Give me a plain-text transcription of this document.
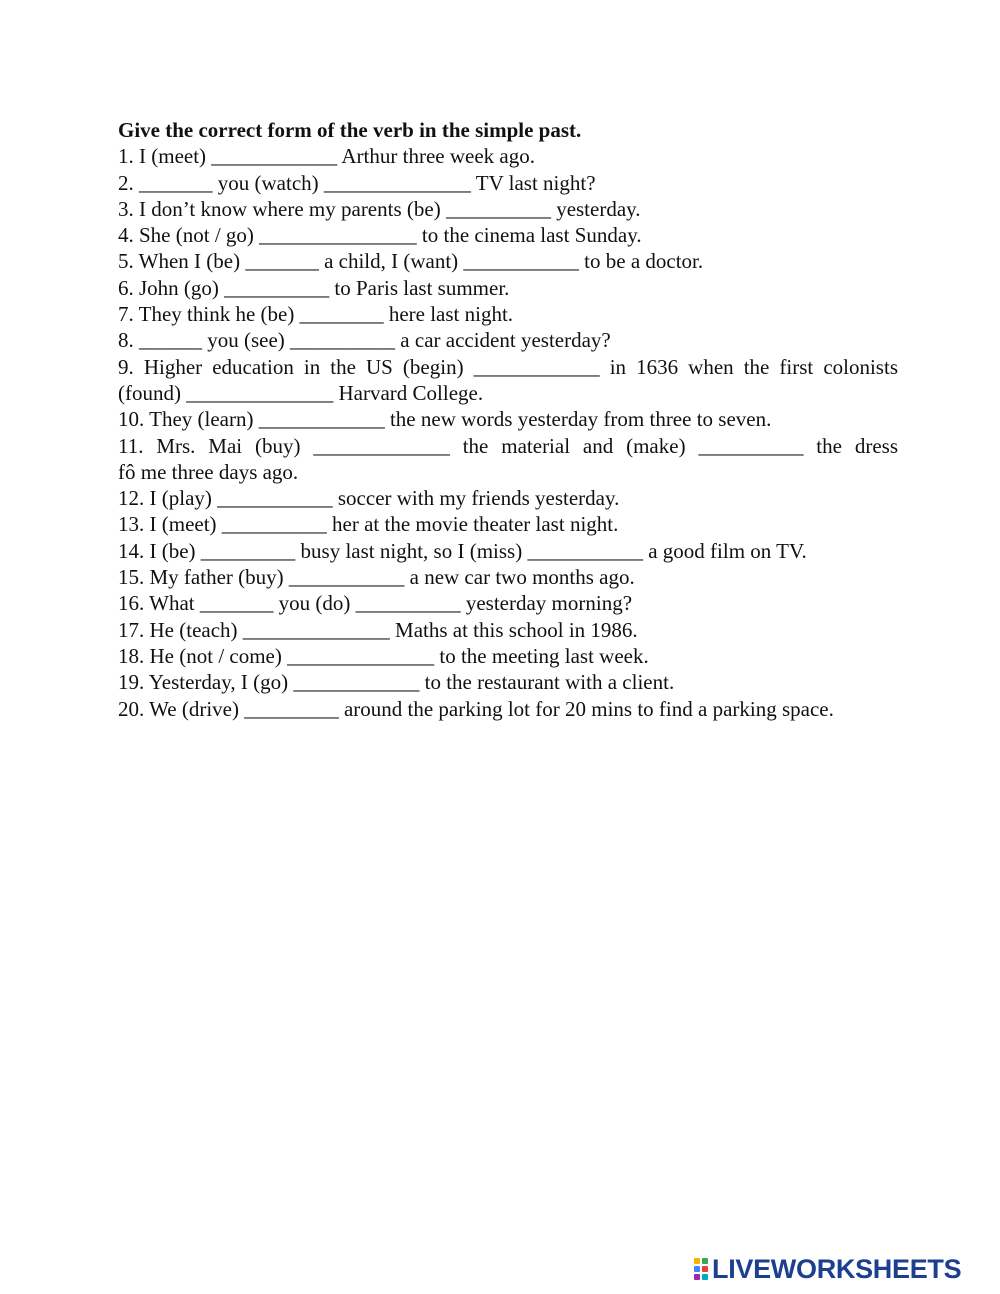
Give the correct form of the verb in the simple past.
1. I (meet) ____________ Arthur three week ago.
2. _______ you (watch) ______________ TV last night?
3. I don’t know where my parents (be) __________ yesterday.
4. She (not / go) _______________ to the cinema last Sunday.
5. When I (be) _______ a child, I (want) ___________ to be a doctor.
6. John (go) __________ to Paris last summer.
7. They think he (be) ________ here last night.
8. ______ you (see) __________ a car accident yesterday?
9. Higher education in the US (begin) ____________ in 1636 when the first colonists
(found) ______________ Harvard College.
10. They (learn) ____________ the new words yesterday from three to seven.
11. Mrs. Mai (buy) _____________ the material and (make) __________ the dress
fô me three days ago.
12. I (play) ___________ soccer with my friends yesterday.
13. I (meet) __________ her at the movie theater last night.
14. I (be) _________ busy last night, so I (miss) ___________ a good film on TV.
15. My father (buy) ___________ a new car two months ago.
16. What _______ you (do) __________ yesterday morning?
17. He (teach) ______________ Maths at this school in 1986.
18. He (not / come) ______________ to the meeting last week.
19. Yesterday, I (go) ____________ to the restaurant with a client.
20. We (drive) _________ around the parking lot for 20 mins to find a parking space.
LIVEWORKSHEETS
